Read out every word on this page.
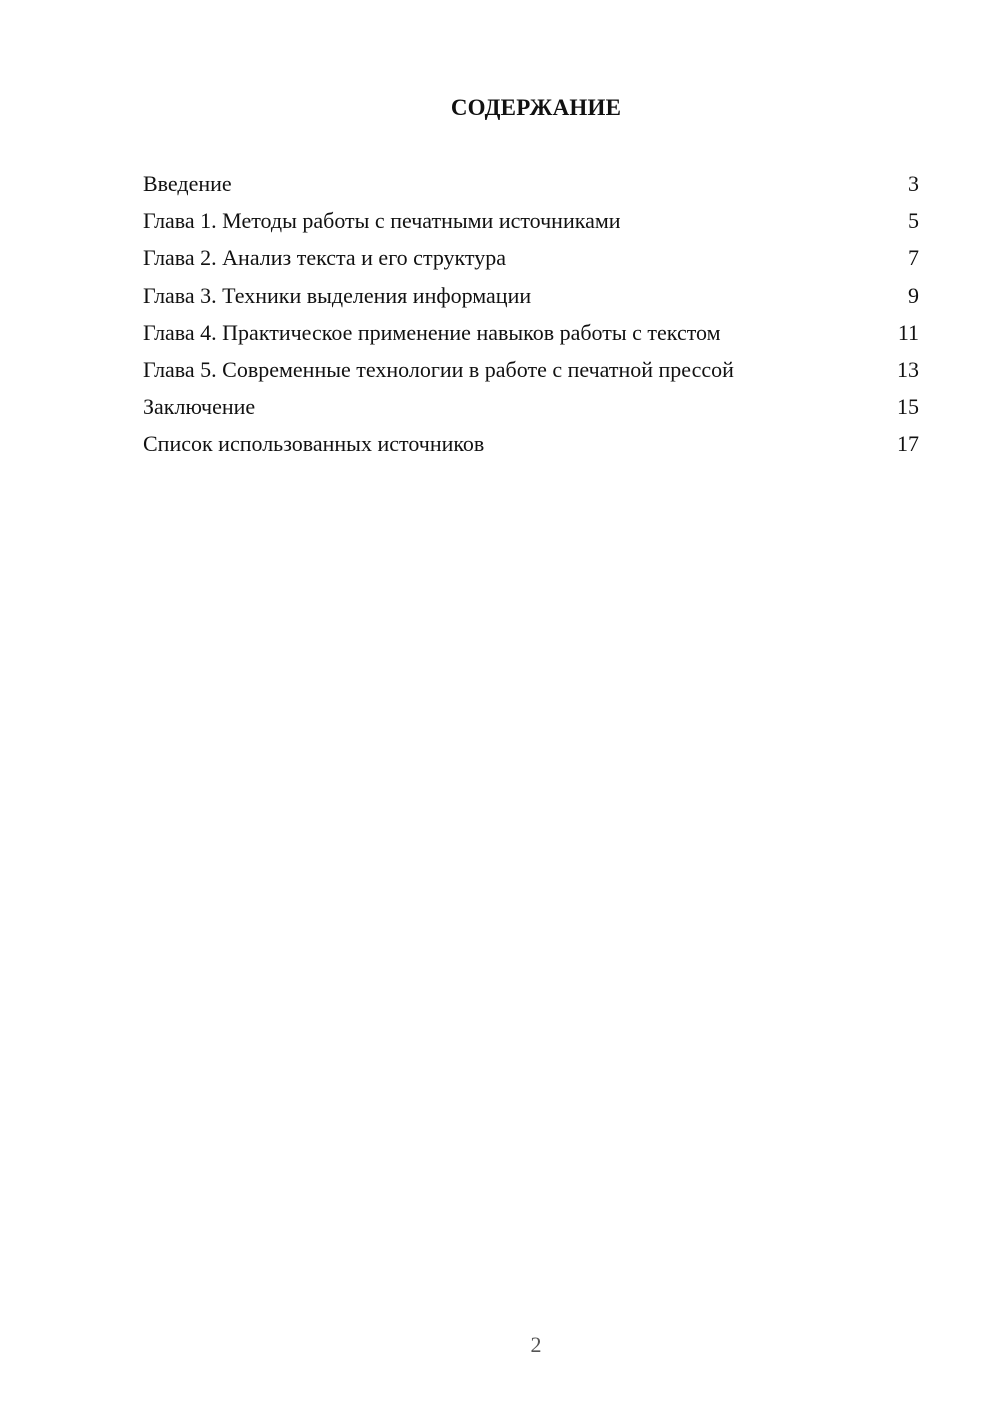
СОДЕРЖАНИЕ
Введение	3
Глава 1. Методы работы с печатными источниками	5
Глава 2. Анализ текста и его структура	7
Глава 3. Техники выделения информации	9
Глава 4. Практическое применение навыков работы с текстом	11
Глава 5. Современные технологии в работе с печатной прессой	13
Заключение	15
Список использованных источников	17
2
